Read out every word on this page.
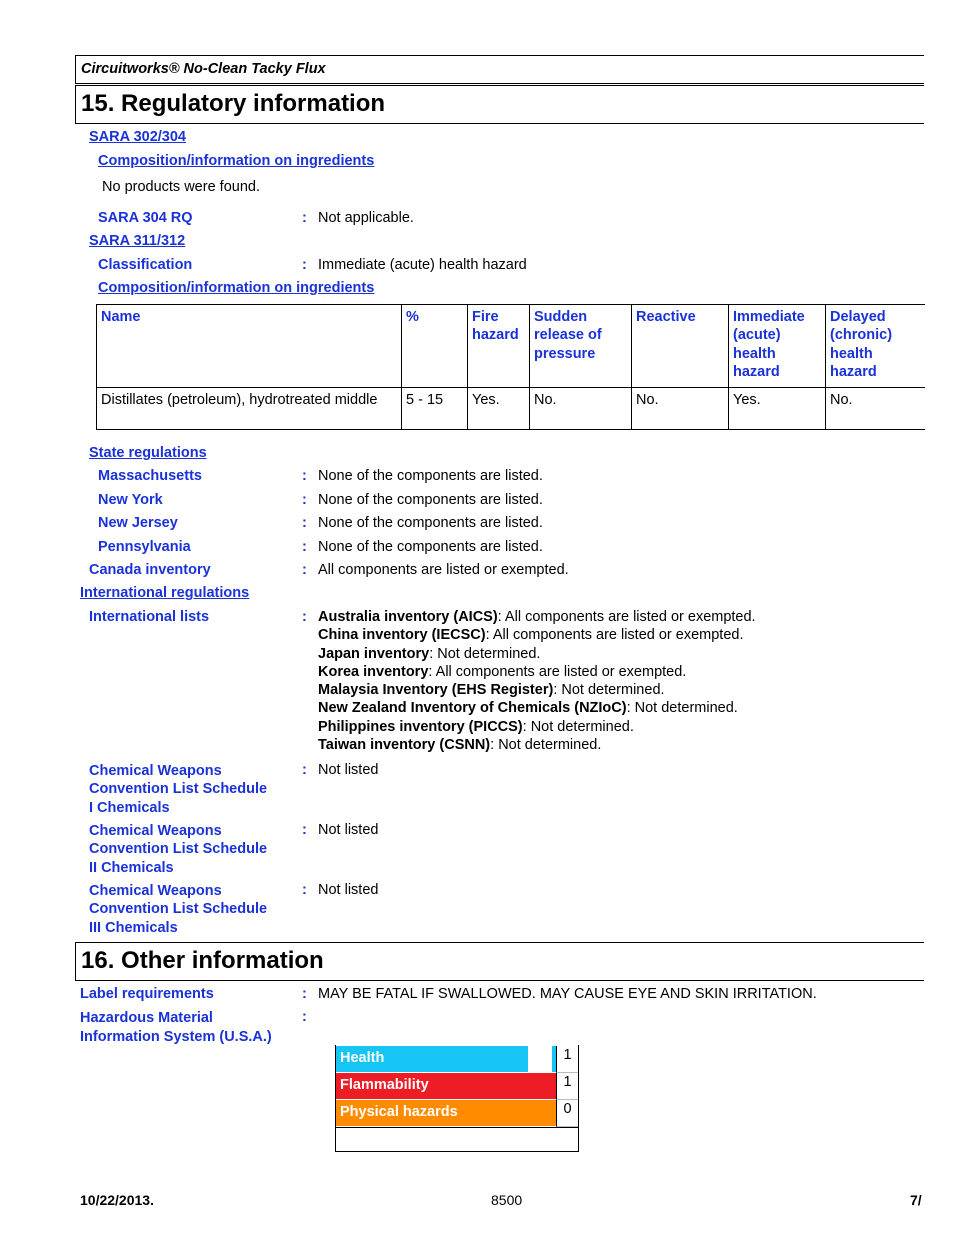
Circuitworks® No-Clean Tacky Flux
15. Regulatory information
SARA 302/304
Composition/information on ingredients
No products were found.
SARA 304 RQ	: Not applicable.
SARA 311/312
Classification	: Immediate (acute) health hazard
Composition/information on ingredients
Name	%	Fire hazard	Sudden release of pressure	Reactive	Immediate (acute) health hazard	Delayed (chronic) health hazard
Distillates (petroleum), hydrotreated middle	5 - 15	Yes.	No.	No.	Yes.	No.
State regulations
Massachusetts	: None of the components are listed.
New York	: None of the components are listed.
New Jersey	: None of the components are listed.
Pennsylvania	: None of the components are listed.
Canada inventory	: All components are listed or exempted.
International regulations
International lists	: Australia inventory (AICS): All components are listed or exempted.
China inventory (IECSC): All components are listed or exempted.
Japan inventory: Not determined.
Korea inventory: All components are listed or exempted.
Malaysia Inventory (EHS Register): Not determined.
New Zealand Inventory of Chemicals (NZIoC): Not determined.
Philippines inventory (PICCS): Not determined.
Taiwan inventory (CSNN): Not determined.
Chemical Weapons
Convention List Schedule
I Chemicals
: Not listed
Chemical Weapons
Convention List Schedule
II Chemicals
: Not listed
Chemical Weapons
Convention List Schedule
III Chemicals
: Not listed
16. Other information
Label requirements	: MAY BE FATAL IF SWALLOWED. MAY CAUSE EYE AND SKIN IRRITATION.
Hazardous Material
Information System (U.S.A.)
:
Health	1
Flammability	1
Physical hazards	0
10/22/2013.	8500	7/
